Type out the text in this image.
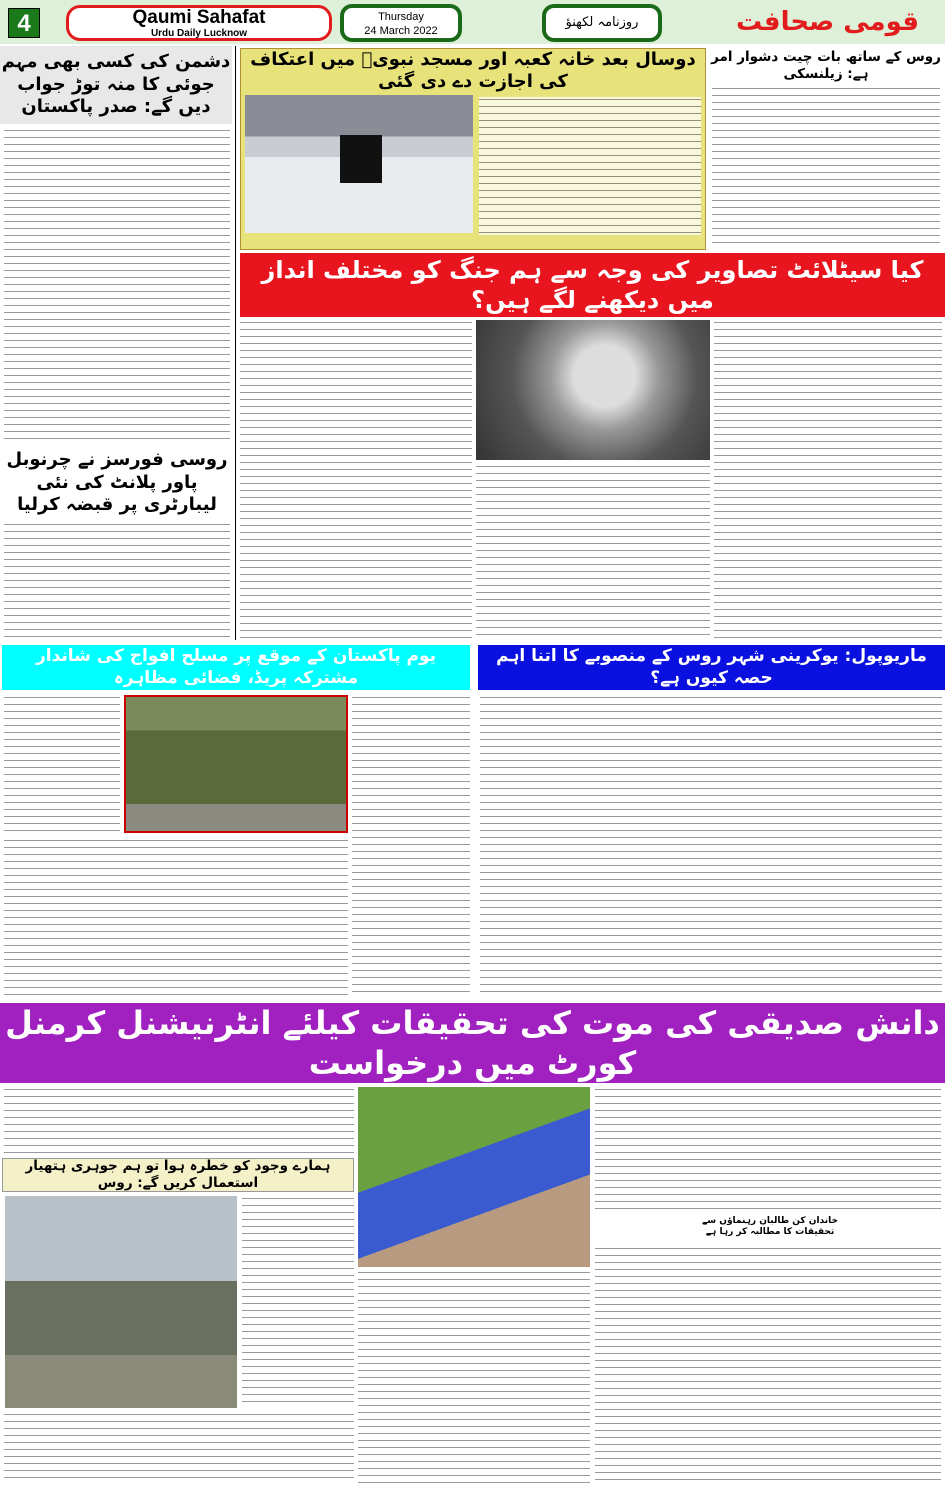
4	Qaumi Sahafat
Urdu Daily Lucknow
Thursday
24 March 2022
روزنامہ لکھنؤ	قومی صحافت
دشمن کی کسی بھی مہم جوئی کا منہ توڑ جواب دیں گے: صدر پاکستان
روسی فورسز نے چرنوبل پاور پلانٹ کی نئی لیبارٹری پر قبضہ کرلیا
دوسال بعد خانہ کعبہ اور مسجد نبویؐ میں اعتکاف کی اجازت دے دی گئی
روس کے ساتھ بات چیت دشوار امر ہے: زیلنسکی
کیا سیٹلائٹ تصاویر کی وجہ سے ہم جنگ کو مختلف انداز میں دیکھنے لگے ہیں؟
یوم پاکستان کے موقع پر مسلح افواج کی شاندار مشترکہ پریڈ، فضائی مظاہرہ
ماریوپول: یوکرینی شہر روس کے منصوبے کا اتنا اہم حصہ کیوں ہے؟
دانش صدیقی کی موت کی تحقیقات کیلئے انٹرنیشنل کرمنل کورٹ میں درخواست
خاندان کن طالبان رہنماؤں سے تحقیقات کا مطالبہ کر رہا ہے
ہمارے وجود کو خطرہ ہوا تو ہم جوہری ہتھیار استعمال کریں گے: روس
